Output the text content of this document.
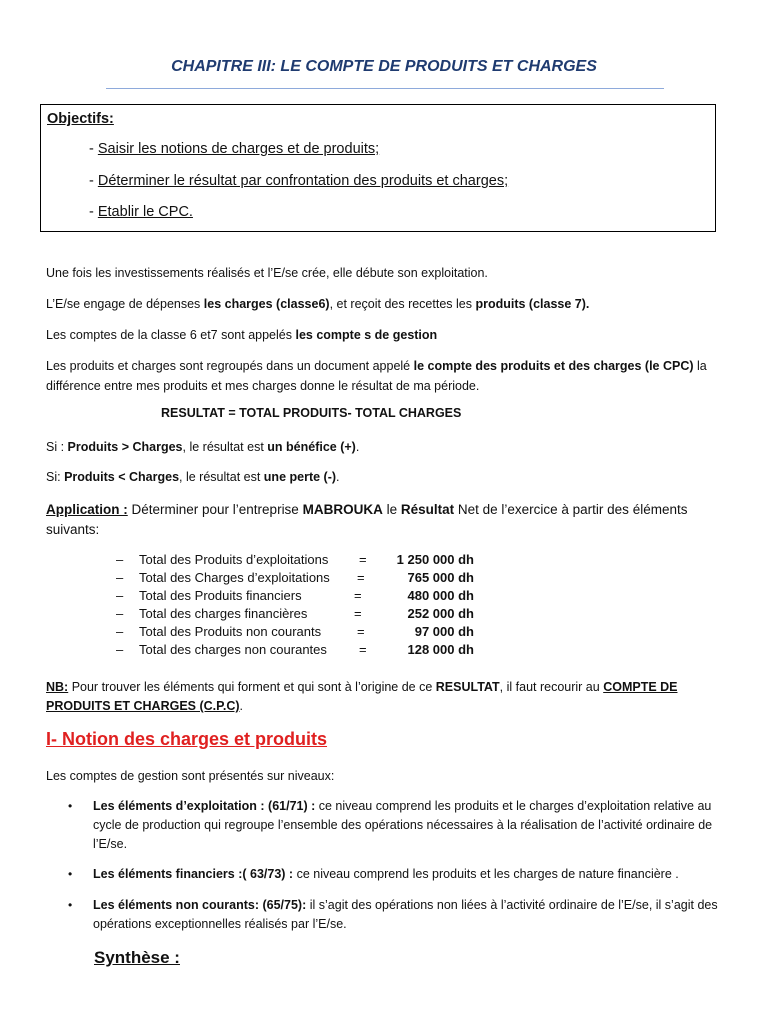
CHAPITRE III: LE COMPTE DE PRODUITS ET CHARGES
Objectifs:
- Saisir les notions de charges et de produits;
- Déterminer le résultat par confrontation des produits et charges;
- Etablir le CPC.
Une fois les investissements réalisés et l’E/se crée, elle débute son exploitation.
L’E/se engage de dépenses les charges (classe6), et reçoit des recettes les produits (classe 7).
Les comptes de la classe 6 et7 sont appelés les compte s de gestion
Les produits et charges sont regroupés dans un document appelé le compte des produits et des charges (le CPC) la différence entre mes produits et mes charges donne le résultat de ma période.
RESULTAT = TOTAL PRODUITS- TOTAL CHARGES
Si : Produits > Charges, le résultat est un bénéfice (+).
Si: Produits < Charges, le résultat est une perte (-).
Application : Déterminer pour l’entreprise MABROUKA le Résultat Net de l’exercice à partir des éléments suivants:
– Total des Produits d’exploitations =	1 250 000 dh
– Total des Charges d’exploitations =	765 000 dh
– Total des Produits financiers	=	480 000 dh
– Total des charges financières	=	252 000 dh
– Total des Produits non courants	=	97 000 dh
– Total des charges non courantes =	128 000 dh
NB: Pour trouver les éléments qui forment et qui sont à l’origine de ce RESULTAT, il faut recourir au COMPTE DE PRODUITS ET CHARGES (C.P.C).
I- Notion des charges et produits
Les comptes de gestion sont présentés sur niveaux:
• Les éléments d’exploitation : (61/71) : ce niveau comprend les produits et le charges d’exploitation relative au cycle de production qui regroupe l’ensemble des opérations nécessaires à la réalisation de l’activité ordinaire de l’E/se.
• Les éléments financiers :( 63/73) : ce niveau comprend les produits et les charges de nature financière .
• Les éléments non courants: (65/75): il s’agit des opérations non liées à l’activité ordinaire de l’E/se, il s’agit des opérations exceptionnelles réalisés par l’E/se.
Synthèse :
